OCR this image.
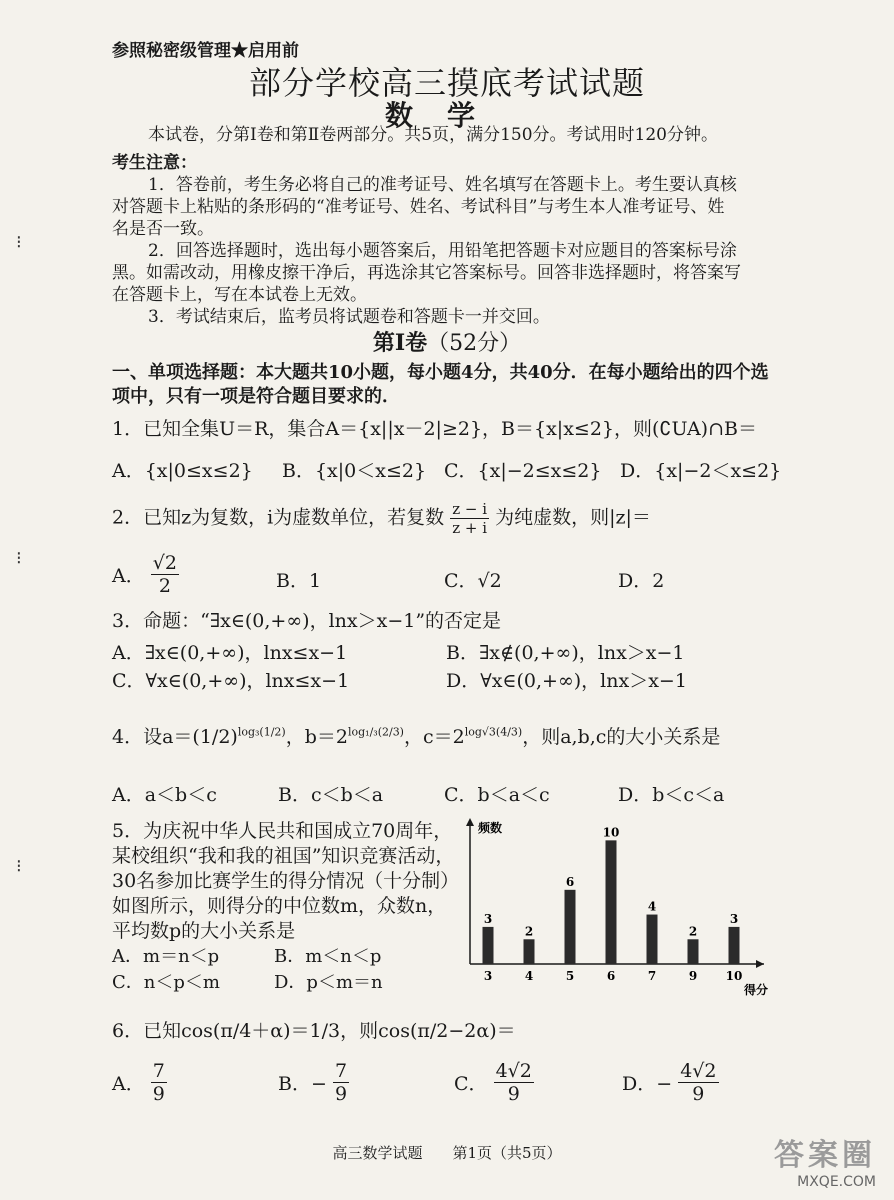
⁝
⁝
⁝
参照秘密级管理★启用前
部分学校高三摸底考试试题
数学
本试卷，分第Ⅰ卷和第Ⅱ卷两部分。共5页，满分150分。考试用时120分钟。
考生注意：
1．答卷前，考生务必将自己的准考证号、姓名填写在答题卡上。考生要认真核
对答题卡上粘贴的条形码的“准考证号、姓名、考试科目”与考生本人准考证号、姓
名是否一致。
2．回答选择题时，选出每小题答案后，用铅笔把答题卡对应题目的答案标号涂
黑。如需改动，用橡皮擦干净后，再选涂其它答案标号。回答非选择题时，将答案写
在答题卡上，写在本试卷上无效。
3．考试结束后，监考员将试题卷和答题卡一并交回。
第Ⅰ卷（52分）
一、单项选择题：本大题共10小题，每小题4分，共40分．在每小题给出的四个选
项中，只有一项是符合题目要求的．
1．已知全集U＝R，集合A＝{x||x－2|≥2}，B＝{x|x≤2}，则(∁UA)∩B＝
A．{x|0≤x≤2} B．{x|0＜x≤2} C．{x|−2≤x≤2} D．{x|−2＜x≤2}
2．已知z为复数，i为虚数单位，若复数 $\frac{z - i}{z + i}$ 为纯虚数，则|z|＝
A． $\frac{√2}{2}$	B．1	C．√2	D．2
3．命题：“∃x∈(0,+∞)，lnx＞x−1”的否定是
A．∃x∈(0,+∞)，lnx≤x−1	B．∃x∉(0,+∞)，lnx＞x−1
C．∀x∈(0,+∞)，lnx≤x−1	D．∀x∈(0,+∞)，lnx＞x−1
4．设$a=(1/2)^{log_3(1/2)}$，$b=2^{log_1/_3(2/3)}$，$c=2^{log√3(4/3)}$，则a,b,c的大小关系是
A．a＜b＜c	B．c＜b＜a	C．b＜a＜c	D．b＜c＜a
5．为庆祝中华人民共和国成立70周年，
某校组织“我和我的祖国”知识竞赛活动，
30名参加比赛学生的得分情况（十分制）
如图所示，则得分的中位数m，众数n，
平均数p的大小关系是
A．m＝n＜p	B．m＜n＜p
C．n＜p＜m	D．p＜m＝n
频数
得分
3
3
2
4
6
5
10
6
4
7
2
9
3
10
6．已知cos(π/4＋α)＝1/3，则cos(π/2−2α)＝
A． $\frac{7}{9}$	B．− $\frac{7}{9}$	C． $\frac{4√2}{9}$	D．− $\frac{4√2}{9}$
高三数学试题　　第1页（共5页）	答案圈
MXQE.COM
